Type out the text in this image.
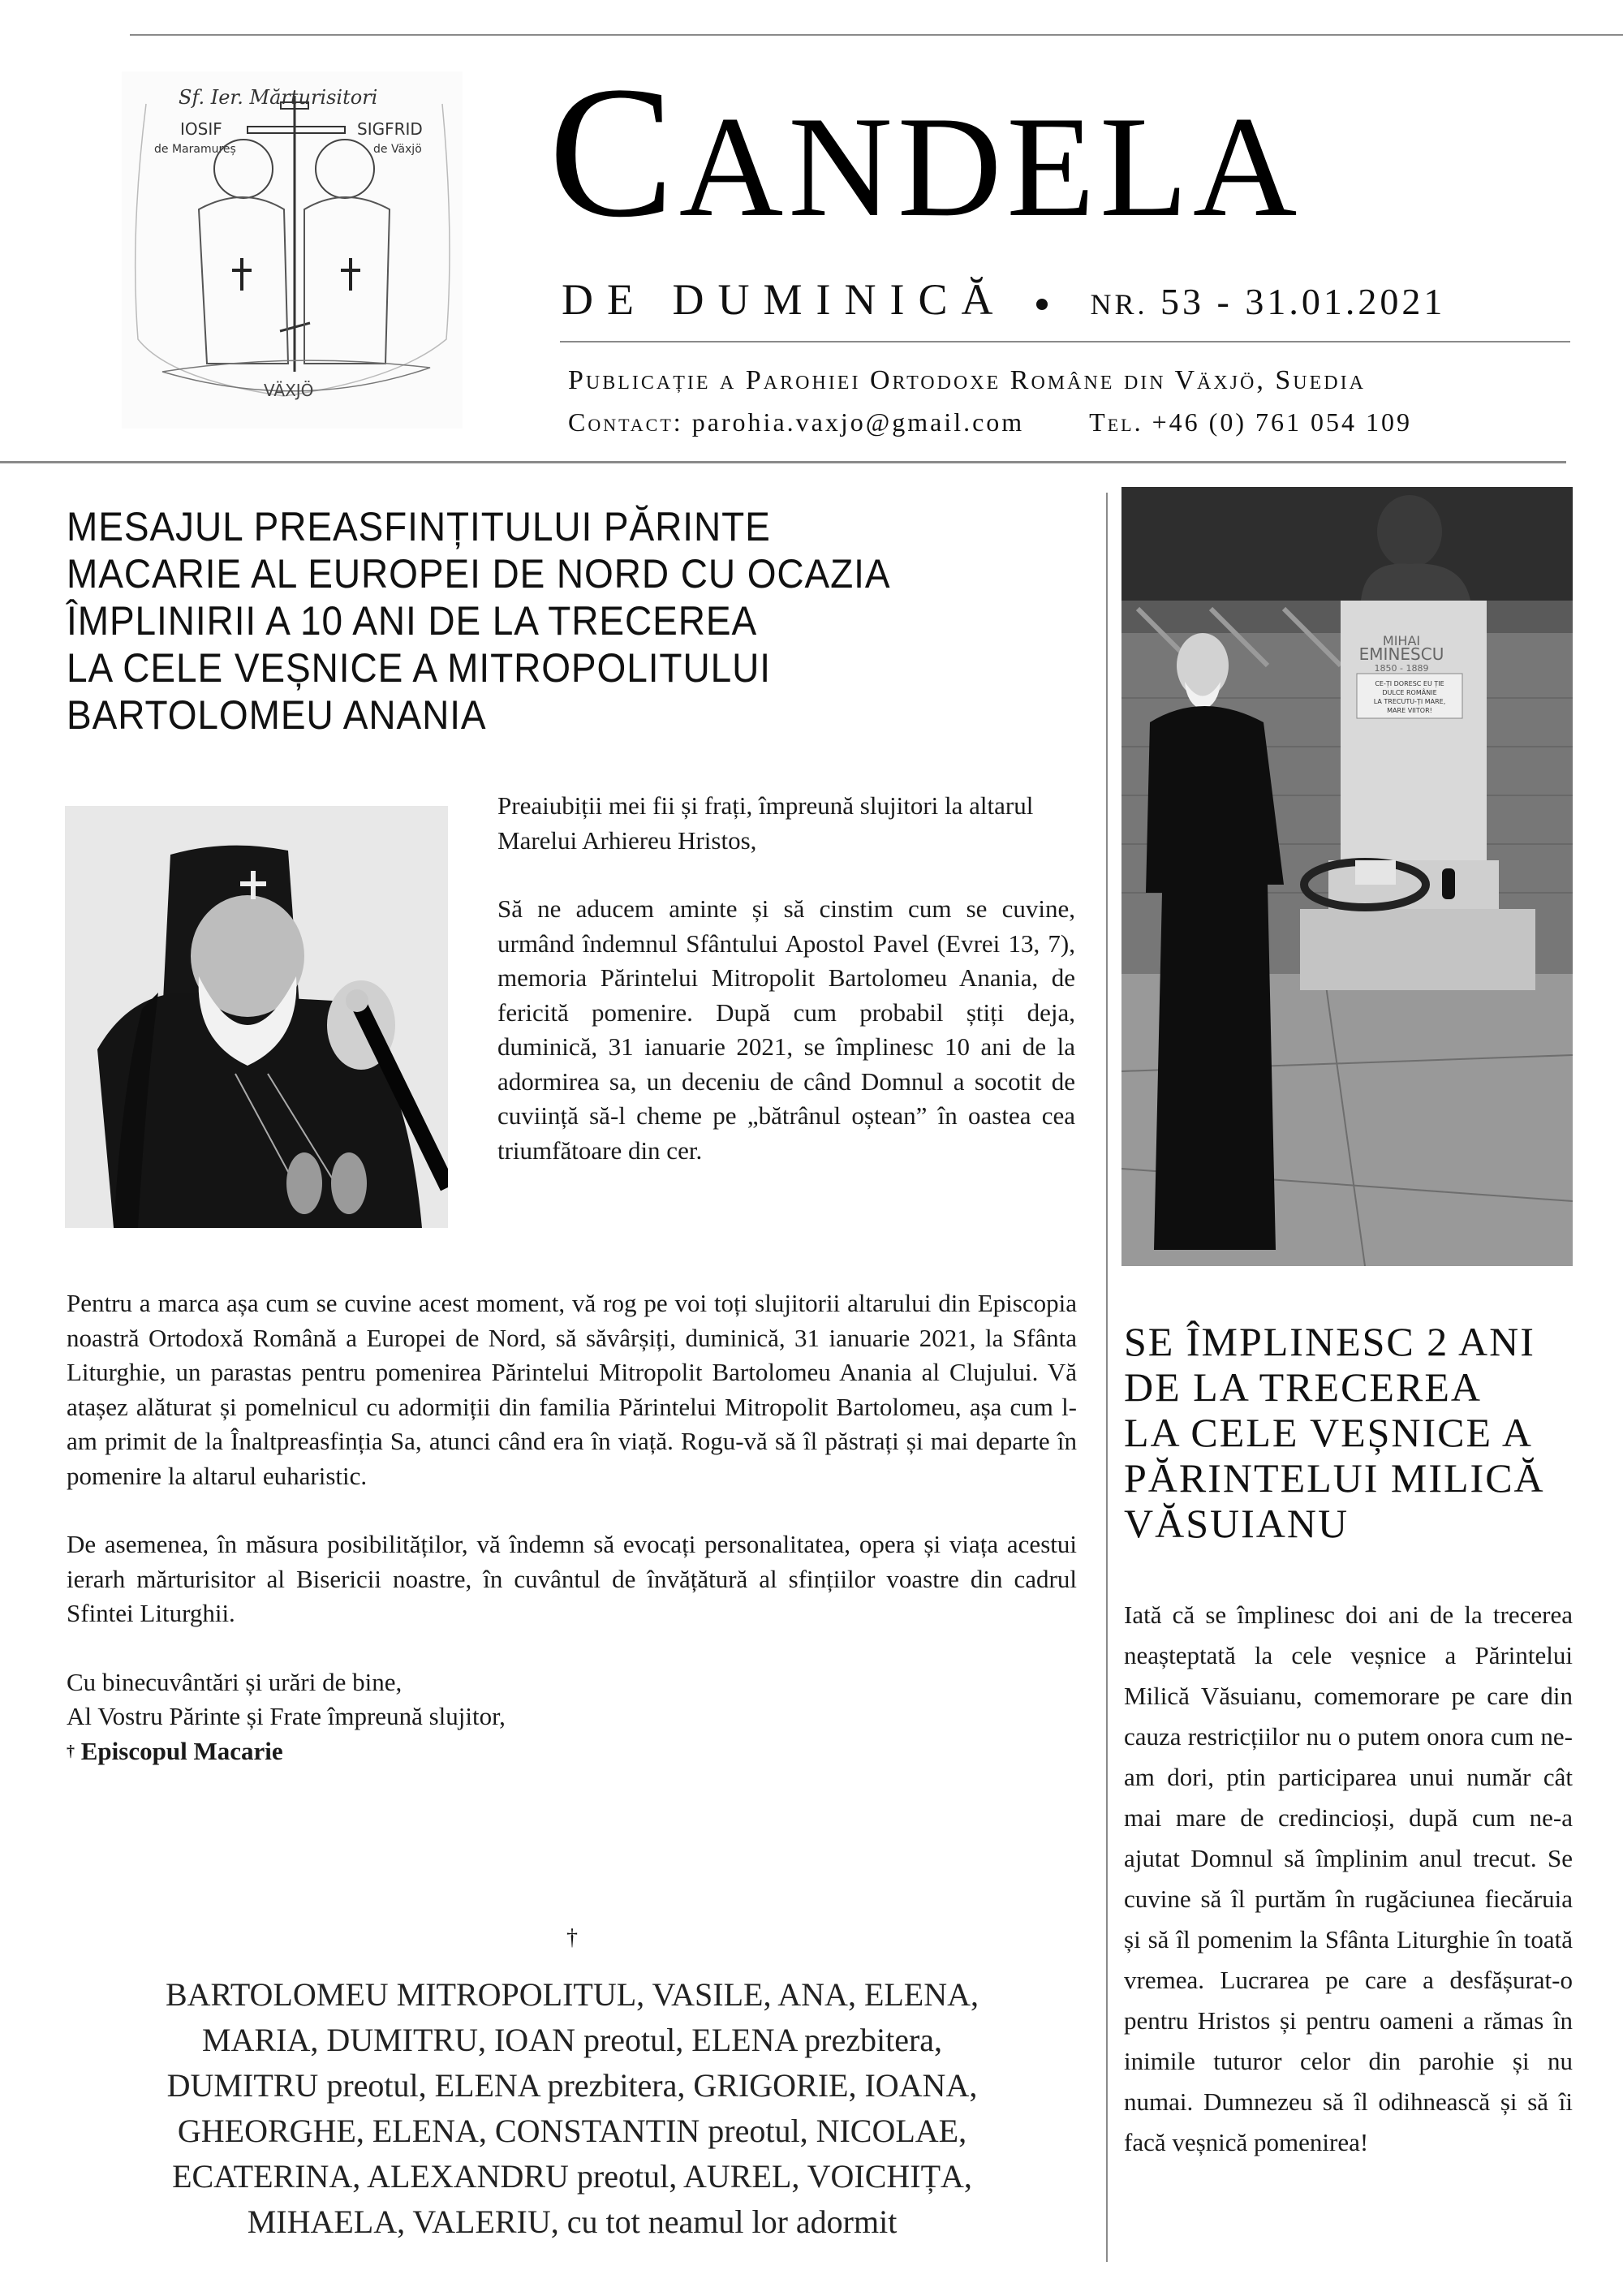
Sf. Ier. Mărturisitori
IOSIF	SIGFRID
de Maramureș	de Växjö
VÄXJÖ
CANDELA
DE DUMINICĂ	NR. 53 - 31.01.2021
Publicație a Parohiei Ortodoxe Române din Växjö, Suedia
Contact: parohia.vaxjo@gmail.com	Tel. +46 (0) 761 054 109
MESAJUL PREASFINȚITULUI PĂRINTE
MACARIE AL EUROPEI DE NORD CU OCAZIA
ÎMPLINIRII A 10 ANI DE LA TRECEREA
LA CELE VEȘNICE A MITROPOLITULUI
BARTOLOMEU ANANIA

Preaiubiții mei fii și frați, împreună slujitori la altarul Marelui Arhiereu Hristos,

Să ne aducem aminte și să cinstim cum se cuvine, urmând îndemnul Sfântului Apostol Pavel (Evrei 13, 7), memoria Părintelui Mitropolit Bartolomeu Anania, de fericită pomenire. După cum probabil știți deja, duminică, 31 ianuarie 2021, se împlinesc 10 ani de la adormirea sa, un deceniu de când Domnul a socotit de cuviință să-l cheme pe „bătrânul oștean” în oastea cea triumfătoare din cer.

Pentru a marca așa cum se cuvine acest moment, vă rog pe voi toți slujitorii altarului din Episcopia noastră Ortodoxă Română a Europei de Nord, să săvârșiți, duminică, 31 ianuarie 2021, la Sfânta Liturghie, un parastas pentru pomenirea Părintelui Mitropolit Bartolomeu Anania al Clujului. Vă atașez alăturat și pomelnicul cu adormiții din familia Părintelui Mitropolit Bartolomeu, așa cum l-am primit de la Înaltpreasfinția Sa, atunci când era în viață. Rogu-vă să îl păstrați și mai departe în pomenire la altarul euharistic.

De asemenea, în măsura posibilităților, vă îndemn să evocați personalitatea, opera și viața acestui ierarh mărturisitor al Bisericii noastre, în cuvântul de învățătură al sfințiilor voastre din cadrul Sfintei Liturghii.

Cu binecuvântări și urări de bine,
Al Vostru Părinte și Frate împreună slujitor,
† Episcopul Macarie
†
BARTOLOMEU MITROPOLITUL, VASILE, ANA, ELENA,
MARIA, DUMITRU, IOAN preotul, ELENA prezbitera,
DUMITRU preotul, ELENA prezbitera, GRIGORIE, IOANA,
GHEORGHE, ELENA, CONSTANTIN preotul, NICOLAE,
ECATERINA, ALEXANDRU preotul, AUREL, VOICHIȚA,
MIHAELA, VALERIU, cu tot neamul lor adormit
MIHAI
EMINESCU
1850 - 1889
CE-ȚI DORESC EU ȚIE
DULCE ROMÂNIE
LA TRECUTU-ȚI MARE,
MARE VIITOR!
SE ÎMPLINESC 2 ANI
DE LA TRECEREA
LA CELE VEȘNICE A
PĂRINTELUI MILICĂ
VĂSUIANU
Iată că se împlinesc doi ani de la trecerea neașteptată la cele veșnice a Părintelui Milică Văsuianu, comemorare pe care din cauza restricțiilor nu o putem onora cum ne-am dori, ptin participarea unui număr cât mai mare de credincioși, după cum ne-a ajutat Domnul să împlinim anul trecut. Se cuvine să îl purtăm în rugăciunea fiecăruia și să îl pomenim la Sfânta Liturghie în toată vremea. Lucrarea pe care a desfășurat-o pentru Hristos și pentru oameni a rămas în inimile tuturor celor din parohie și nu numai. Dumnezeu să îl odihnească și să îi facă veșnică pomenirea!
